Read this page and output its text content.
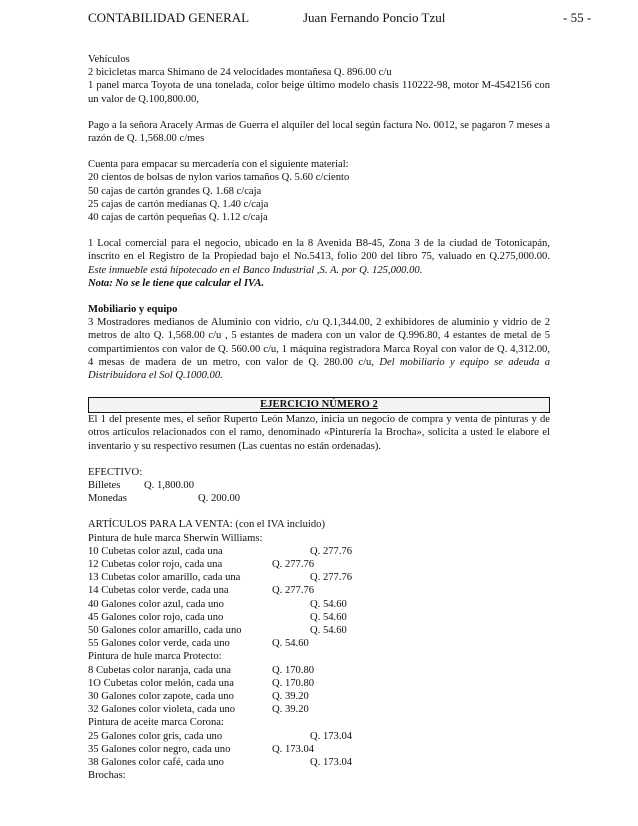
CONTABILIDAD GENERAL	Juan Fernando Poncio Tzul	- 55 -

Vehículos

2 bicicletas marca Shimano de 24 velocidades montañesa Q. 896.00 c/u

1 panel marca Toyota de una tonelada, color beige último modelo chasis 110222-98, motor M-4542156 con un valor de Q.100,800.00,

Pago a la señora Aracely Armas de Guerra el alquiler del local según factura No. 0012, se pagaron 7 meses a razón de Q. 1,568.00 c/mes

Cuenta para empacar su mercadería con el siguiente material:

20 cientos de bolsas de nylon varios tamaños Q. 5.60 c/ciento

50 cajas de cartón grandes Q. 1.68 c/caja

25 cajas de cartón medianas Q. 1.40 c/caja

40 cajas de cartón pequeñas Q. 1.12 c/caja

1 Local comercial para el negocio, ubicado en la 8 Avenida B8-45, Zona 3 de la ciudad de Totonicapán, inscrito en el Registro de la Propiedad bajo el No.5413, folio 200 del libro 75, valuado en Q.275,000.00. Este inmueble está hipotecado en el Banco Industrial ,S. A. por Q. 125,000.00.

Nota: No se le tiene que calcular el IVA.

Mobiliario y equipo

3 Mostradores medianos de Aluminio con vidrio, c/u Q.1,344.00, 2 exhibidores de aluminio y vidrio de 2 metros de alto Q. 1,568.00 c/u , 5 estantes de madera con un valor de Q.996.80, 4 estantes de metal de 5 compartimientos con valor de Q. 560.00 c/u, 1 máquina registradora Marca Royal con valor de Q. 4,312.00, 4 mesas de madera de un metro, con valor de Q. 280.00 c/u, Del mobiliario y equipo se adeuda a Distribuidora el Sol Q.1000.00.

EJERCICIO NÚMERO 2

El 1 del presente mes, el señor Ruperto León Manzo, inicia un negocio de compra y venta de pinturas y de otros artículos relacionados con el ramo, denominado «Pinturería la Brocha», solicita a usted le elabore el inventario y su respectivo resumen (Las cuentas no están ordenadas).

EFECTIVO:

Billetes Q. 1,800.00
Monedas	Q. 200.00

ARTÍCULOS PARA LA VENTA: (con el IVA incluido)

Pintura de hule marca Sherwin Williams:

10 Cubetas color azul, cada una	Q. 277.76
12 Cubetas color rojo, cada una	Q. 277.76
13 Cubetas color amarillo, cada una	Q. 277.76
14 Cubetas color verde, cada una	Q. 277.76
40 Galones color azul, cada uno	Q. 54.60
45 Galones color rojo, cada uno	Q. 54.60
50 Galones color amarillo, cada uno	Q. 54.60
55 Galones color verde, cada uno	Q. 54.60

Pintura de hule marca Protecto:

8 Cubetas color naranja, cada una	Q. 170.80
1O Cubetas color melón, cada una	Q. 170.80
30 Galones color zapote, cada uno	Q. 39.20
32 Galones color violeta, cada uno	Q. 39.20

Pintura de aceite marca Corona:

25 Galones color gris, cada uno	Q. 173.04
35 Galones color negro, cada uno	Q. 173.04
38 Galones color café, cada uno	Q. 173.04

Brochas:
